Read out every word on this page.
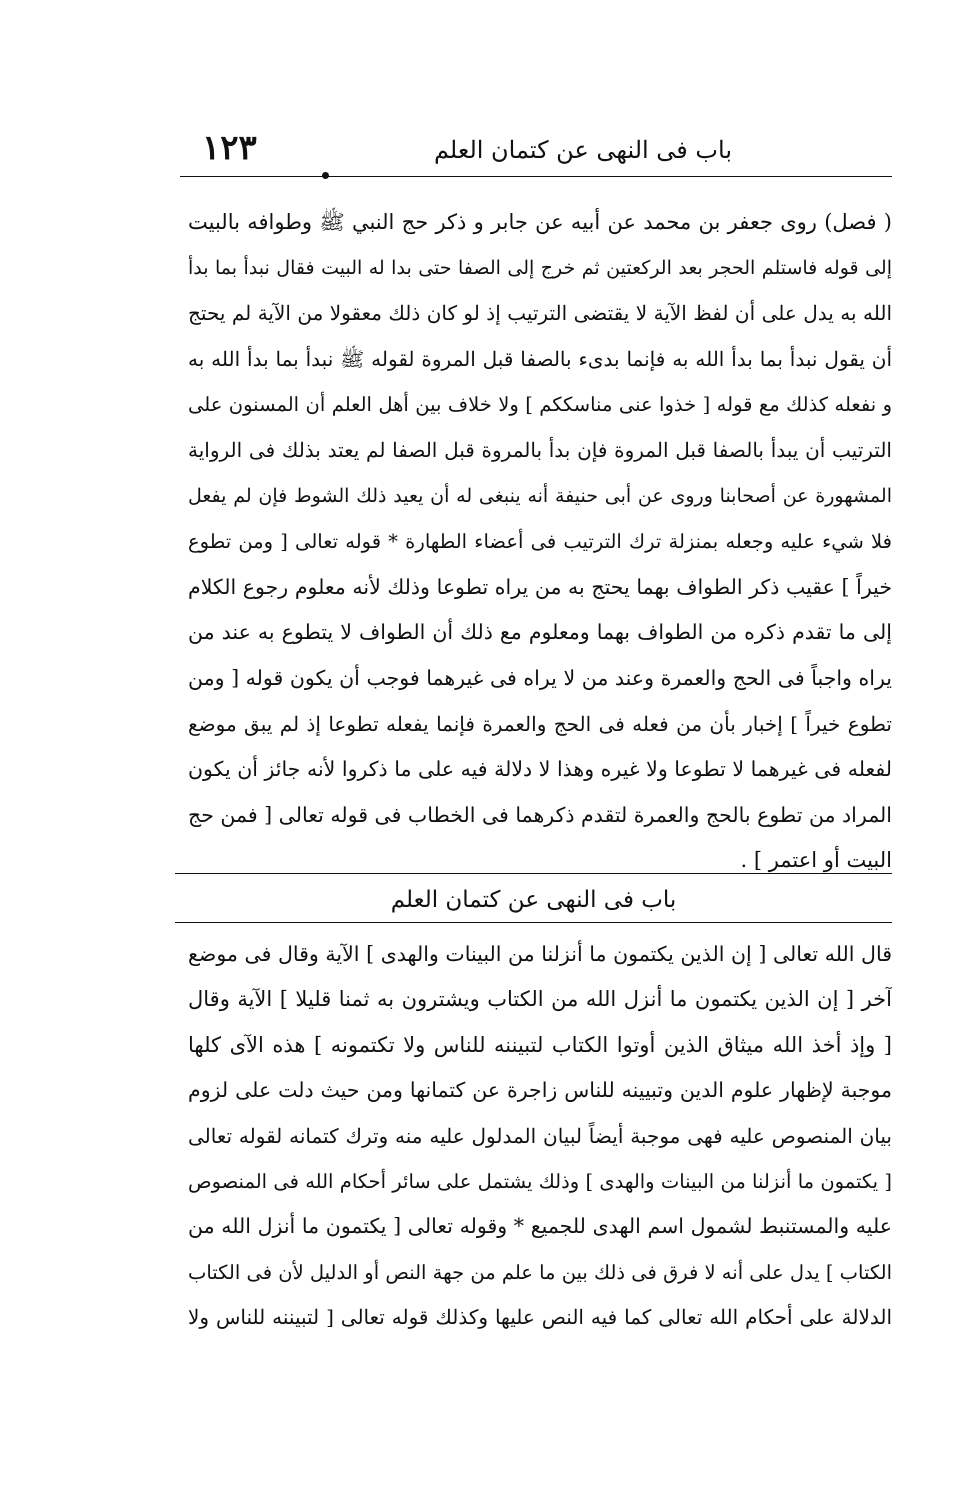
باب فى النهى عن كتمان العلم
١٢٣
( فصل) روى جعفر بن محمد عن أبيه عن جابر و ذكر حج النبي ﷺ وطوافه بالبيت
إلى قوله فاستلم الحجر بعد الركعتين ثم خرج إلى الصفا حتى بدا له البيت فقال نبدأ بما بدأ
الله به يدل على أن لفظ الآية لا يقتضى الترتيب إذ لو كان ذلك معقولا من الآية لم يحتج
أن يقول نبدأ بما بدأ الله به فإنما بدىء بالصفا قبل المروة لقوله ﷺ نبدأ بما بدأ الله به
و نفعله كذلك مع قوله [ خذوا عنى مناسككم ] ولا خلاف بين أهل العلم أن المسنون على
الترتيب أن يبدأ بالصفا قبل المروة فإن بدأ بالمروة قبل الصفا لم يعتد بذلك فى الرواية
المشهورة عن أصحابنا وروى عن أبى حنيفة أنه ينبغى له أن يعيد ذلك الشوط فإن لم يفعل
فلا شيء عليه وجعله بمنزلة ترك الترتيب فى أعضاء الطهارة * قوله تعالى [ ومن تطوع
خيراً ] عقيب ذكر الطواف بهما يحتج به من يراه تطوعا وذلك لأنه معلوم رجوع الكلام
إلى ما تقدم ذكره من الطواف بهما ومعلوم مع ذلك أن الطواف لا يتطوع به عند من
يراه واجباً فى الحج والعمرة وعند من لا يراه فى غيرهما فوجب أن يكون قوله [ ومن
تطوع خيراً ] إخبار بأن من فعله فى الحج والعمرة فإنما يفعله تطوعا إذ لم يبق موضع
لفعله فى غيرهما لا تطوعا ولا غيره وهذا لا دلالة فيه على ما ذكروا لأنه جائز أن يكون
المراد من تطوع بالحج والعمرة لتقدم ذكرهما فى الخطاب فى قوله تعالى [ فمن حج
البيت أو اعتمر ] .
باب فى النهى عن كتمان العلم
قال الله تعالى [ إن الذين يكتمون ما أنزلنا من البينات والهدى ] الآية وقال فى موضع
آخر [ إن الذين يكتمون ما أنزل الله من الكتاب ويشترون به ثمنا قليلا ] الآية وقال
[ وإذ أخذ الله ميثاق الذين أوتوا الكتاب لتبيننه للناس ولا تكتمونه ] هذه الآى كلها
موجبة لإظهار علوم الدين وتبيينه للناس زاجرة عن كتمانها ومن حيث دلت على لزوم
بيان المنصوص عليه فهى موجبة أيضاً لبيان المدلول عليه منه وترك كتمانه لقوله تعالى
[ يكتمون ما أنزلنا من البينات والهدى ] وذلك يشتمل على سائر أحكام الله فى المنصوص
عليه والمستنبط لشمول اسم الهدى للجميع * وقوله تعالى [ يكتمون ما أنزل الله من
الكتاب ] يدل على أنه لا فرق فى ذلك بين ما علم من جهة النص أو الدليل لأن فى الكتاب
الدلالة على أحكام الله تعالى كما فيه النص عليها وكذلك قوله تعالى [ لتبيننه للناس ولا
